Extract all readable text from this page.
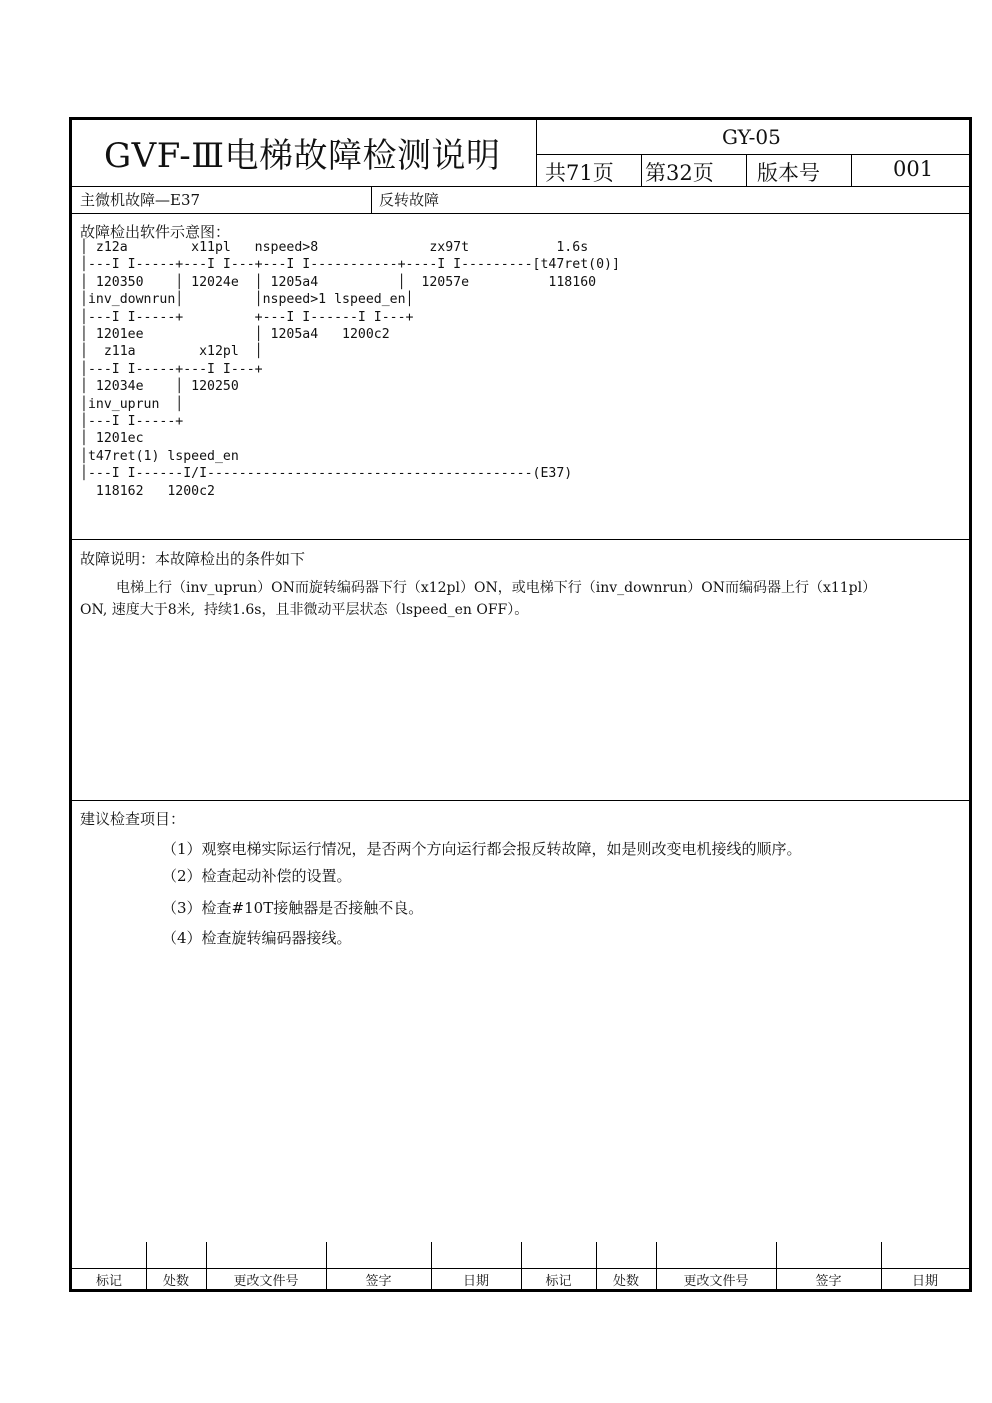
GVF-Ⅲ电梯故障检测说明	GY-05
共71页 第32页 版本号	001
主微机故障—E37	反转故障
故障检出软件示意图：
│ z12a        x11pl   nspeed>8              zx97t           1.6s
│---I I-----+---I I---+---I I-----------+----I I---------[t47ret(0)]
│ 120350    │ 12024e  │ 1205a4          │  12057e          118160
│inv_downrun│         │nspeed>1 lspeed_en│
│---I I-----+         +---I I------I I---+
│ 1201ee              │ 1205a4   1200c2
│  z11a        x12pl  │
│---I I-----+---I I---+
│ 12034e    │ 120250
│inv_uprun  │
│---I I-----+
│ 1201ec
│t47ret(1) lspeed_en
│---I I------I/I-----------------------------------------(E37)
118162   1200c2
故障说明：本故障检出的条件如下
电梯上行（inv_uprun）ON而旋转编码器下行（x12pl）ON，或电梯下行（inv_downrun）ON而编码器上行（x11pl）
ON, 速度大于8米,  持续1.6s，且非微动平层状态（lspeed_en OFF）。
建议检查项目：
（1）观察电梯实际运行情况，是否两个方向运行都会报反转故障，如是则改变电机接线的顺序。
（2）检查起动补偿的设置。
（3）检查#10T接触器是否接触不良。
（4）检查旋转编码器接线。
标记	处数	更改文件号	签字	日期	标记	处数	更改文件号	签字	日期
